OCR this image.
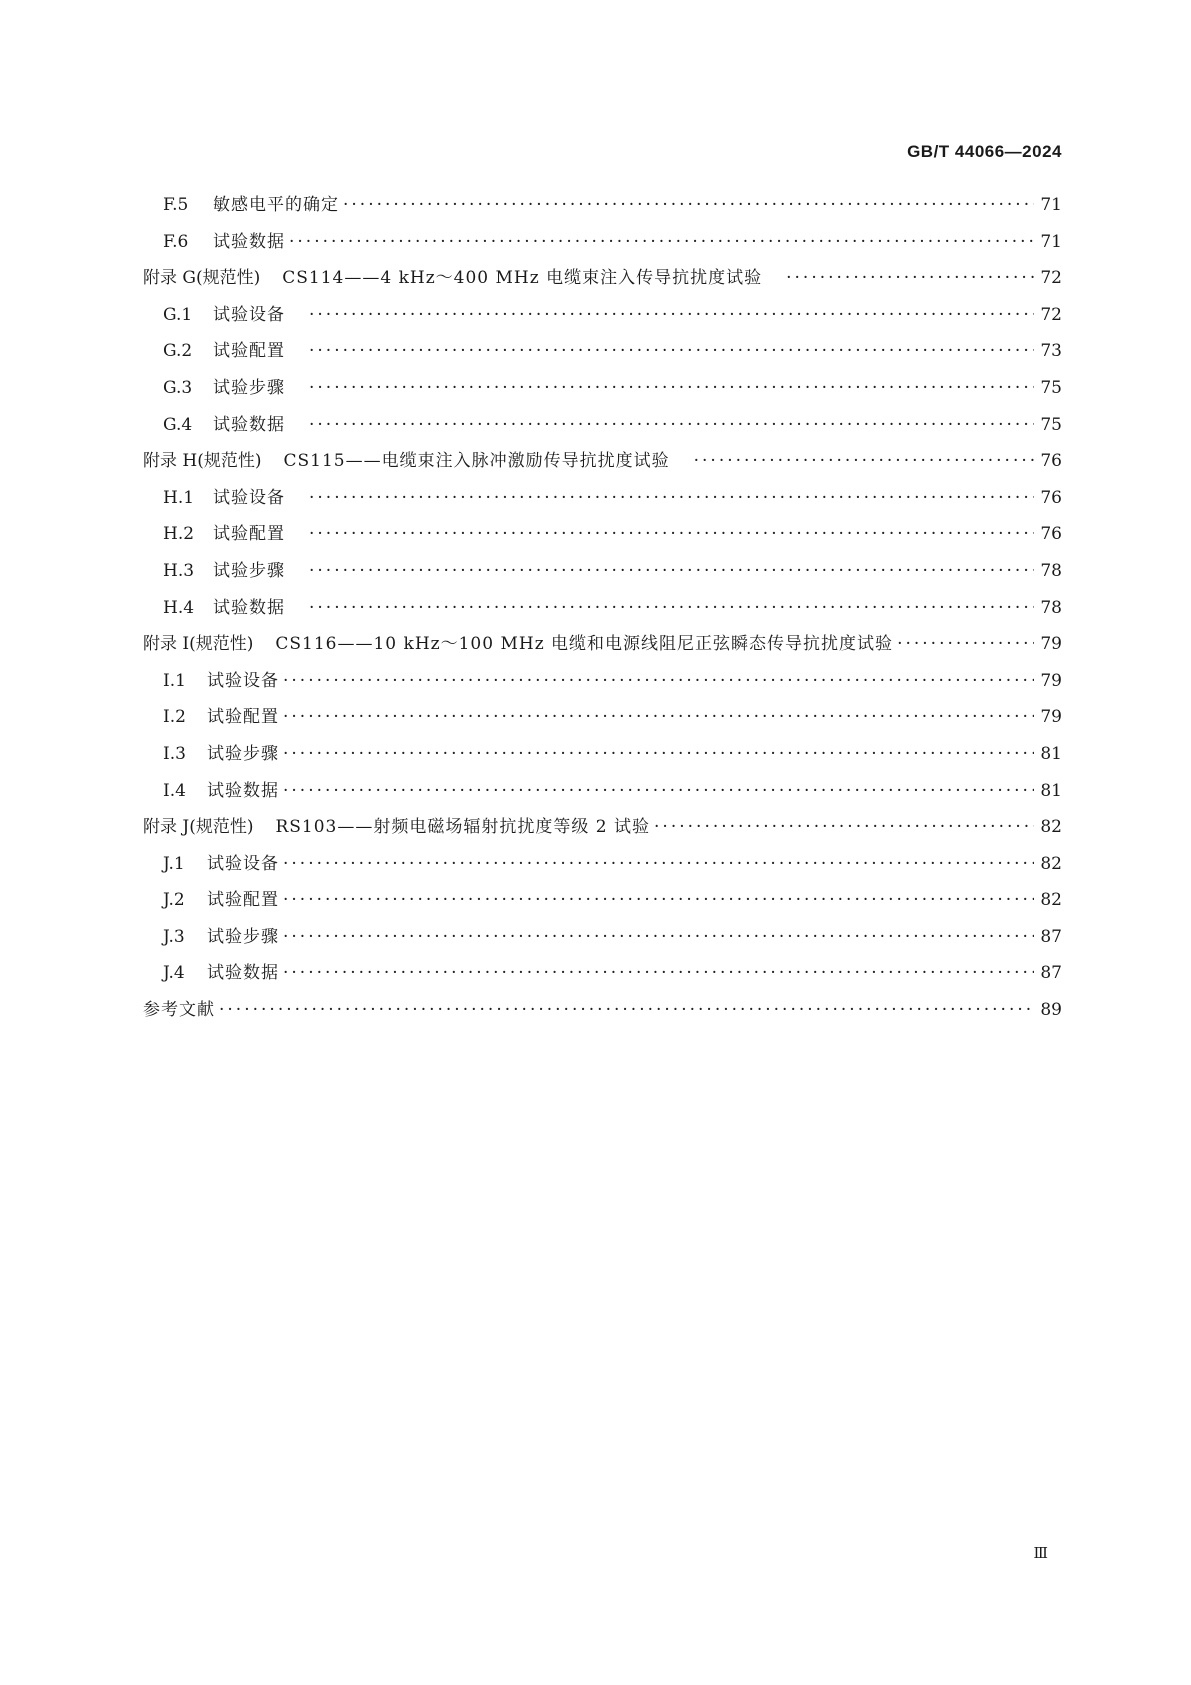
GB/T 44066—2024
F.5	敏感电平的确定 ·····	71
F.6	试验数据 ·····	71
附录 G(规范性) CS114——4 kHz～400 MHz 电缆束注入传导抗扰度试验 ·····	72
G.1	试验设备 ·····	72
G.2	试验配置 ·····	73
G.3	试验步骤 ·····	75
G.4	试验数据 ·····	75
附录 H(规范性) CS115——电缆束注入脉冲激励传导抗扰度试验 ·····	76
H.1 试验设备 ·····	76
H.2 试验配置 ·····	76
H.3 试验步骤 ·····	78
H.4 试验数据 ·····	78
附录 I(规范性) CS116——10 kHz～100 MHz 电缆和电源线阻尼正弦瞬态传导抗扰度试验 ·····	79
I.1	试验设备 ·····	79
I.2	试验配置 ·····	79
I.3	试验步骤 ·····	81
I.4	试验数据 ·····	81
附录 J(规范性) RS103——射频电磁场辐射抗扰度等级 2 试验 ·····	82
J.1	试验设备 ·····	82
J.2	试验配置 ·····	82
J.3	试验步骤 ·····	87
J.4	试验数据 ·····	87
参考文献 ·····	89
Ⅲ
